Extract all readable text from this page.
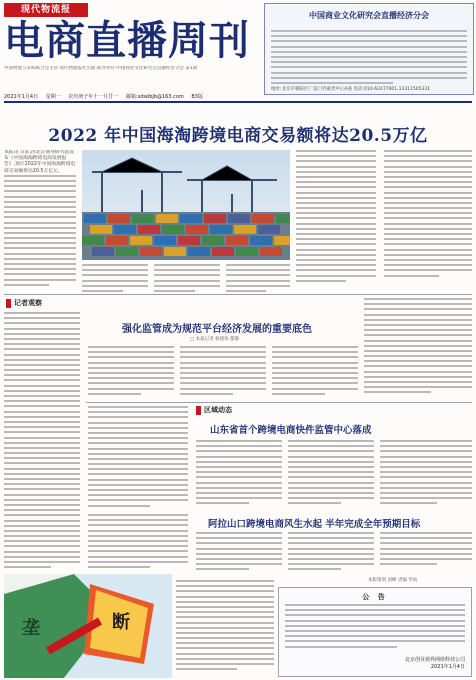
现代物流报
电商直播周刊
中国物流与采购联合会主管 现代物流报社出版 联办单位:中国商业文化研究会直播经济分会 第1期
中国商业文化研究会直播经济分会
地址:北京市朝阳区广渠门外雍贵中心A座 电话:010-62477001,13311505331
2021年1月4日 星期一 农历庚子年十一月廿一 邮箱:xdwlbjb@163.com B3版
2022 年中国海淘跨境电商交易额将达20.5万亿
本报讯 日前,由北京商业研究院发布《中国海淘跨境电商发展报告》,预计2022年中国海淘跨境电商交易额将达20.5万亿元。
记者观察
强化监管成为规范平台经济发展的重要底色
□ 本报记者 杨建珍 都静
区域动态
山东省首个跨境电商快件监管中心落成
阿拉山口跨境电商风生水起 半年完成全年预期目标
本版策划 刘峰 责编 罗雨
垄	断
公 告
北京创业视界网络科技公司
2021年1月4日
